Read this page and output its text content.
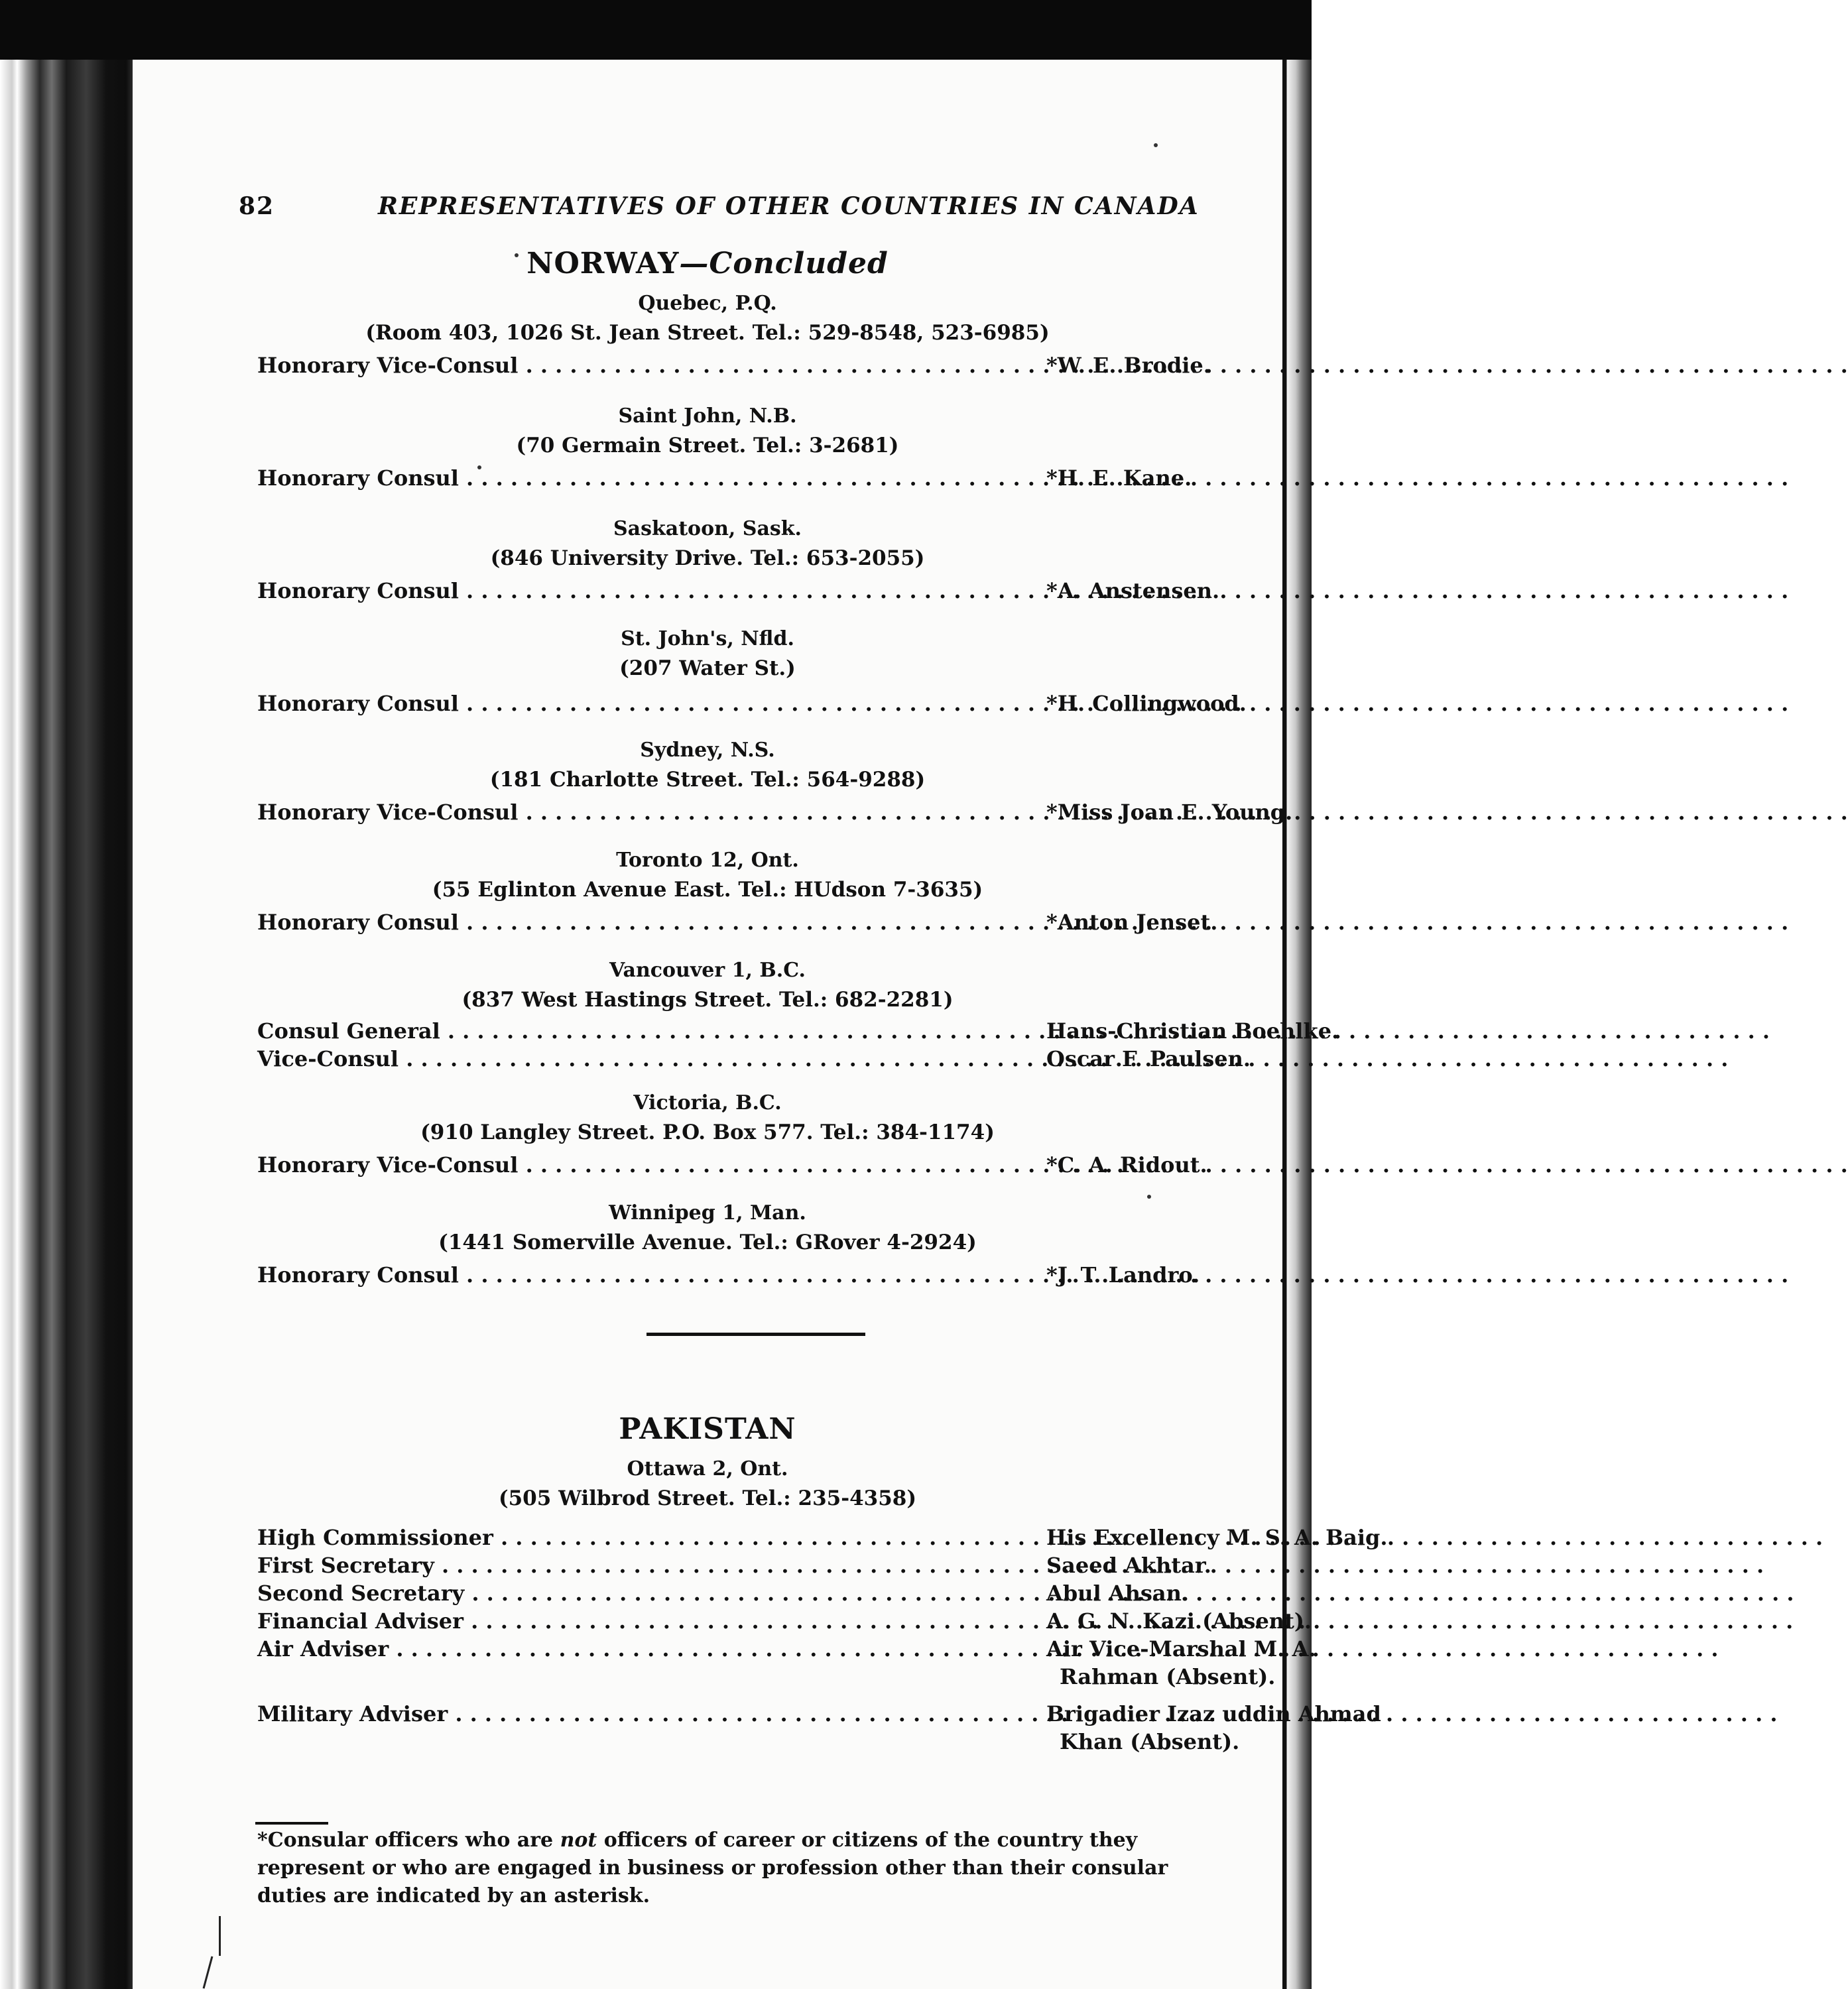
82	REPRESENTATIVES OF OTHER COUNTRIES IN CANADA
NORWAY—Concluded
Quebec, P.Q.
(Room 403, 1026 St. Jean Street. Tel.: 529-8548, 523-6985)
Honorary Vice-Consul . . .	*W. E. Brodie.
Saint John, N.B.
(70 Germain Street. Tel.: 3-2681)
Honorary Consul . . .	*H. E. Kane.
Saskatoon, Sask.
(846 University Drive. Tel.: 653-2055)
Honorary Consul . . .	*A. Anstensen.
St. John's, Nfld.
(207 Water St.)
Honorary Consul . . .	*H. Collingwood.
Sydney, N.S.
(181 Charlotte Street. Tel.: 564-9288)
Honorary Vice-Consul . . .	*Miss Joan E. Young.
Toronto 12, Ont.
(55 Eglinton Avenue East. Tel.: HUdson 7-3635)
Honorary Consul . . .	*Anton Jenset.
Vancouver 1, B.C.
(837 West Hastings Street. Tel.: 682-2281)
Consul General . . .	Hans-Christian Boehlke.
Vice-Consul . . .	Oscar F. Paulsen.
Victoria, B.C.
(910 Langley Street. P.O. Box 577. Tel.: 384-1174)
Honorary Vice-Consul . . .	*C. A. Ridout.
Winnipeg 1, Man.
(1441 Somerville Avenue. Tel.: GRover 4-2924)
Honorary Consul . . .	*J. T. Landro.
PAKISTAN
Ottawa 2, Ont.
(505 Wilbrod Street. Tel.: 235-4358)
High Commissioner . . .	His Excellency M. S. A. Baig.
First Secretary . . .	Saeed Akhtar.
Second Secretary . . .	Abul Ahsan.
Financial Adviser . . .	A. G. N. Kazi (Absent).
Air Adviser . . .	Air Vice-Marshal M. A.
Rahman (Absent).
Military Adviser . . .	Brigadier Izaz uddin Ahmad
Khan (Absent).
*Consular officers who are not officers of career or citizens of the country they represent or who are engaged in business or profession other than their consular duties are indicated by an asterisk.
